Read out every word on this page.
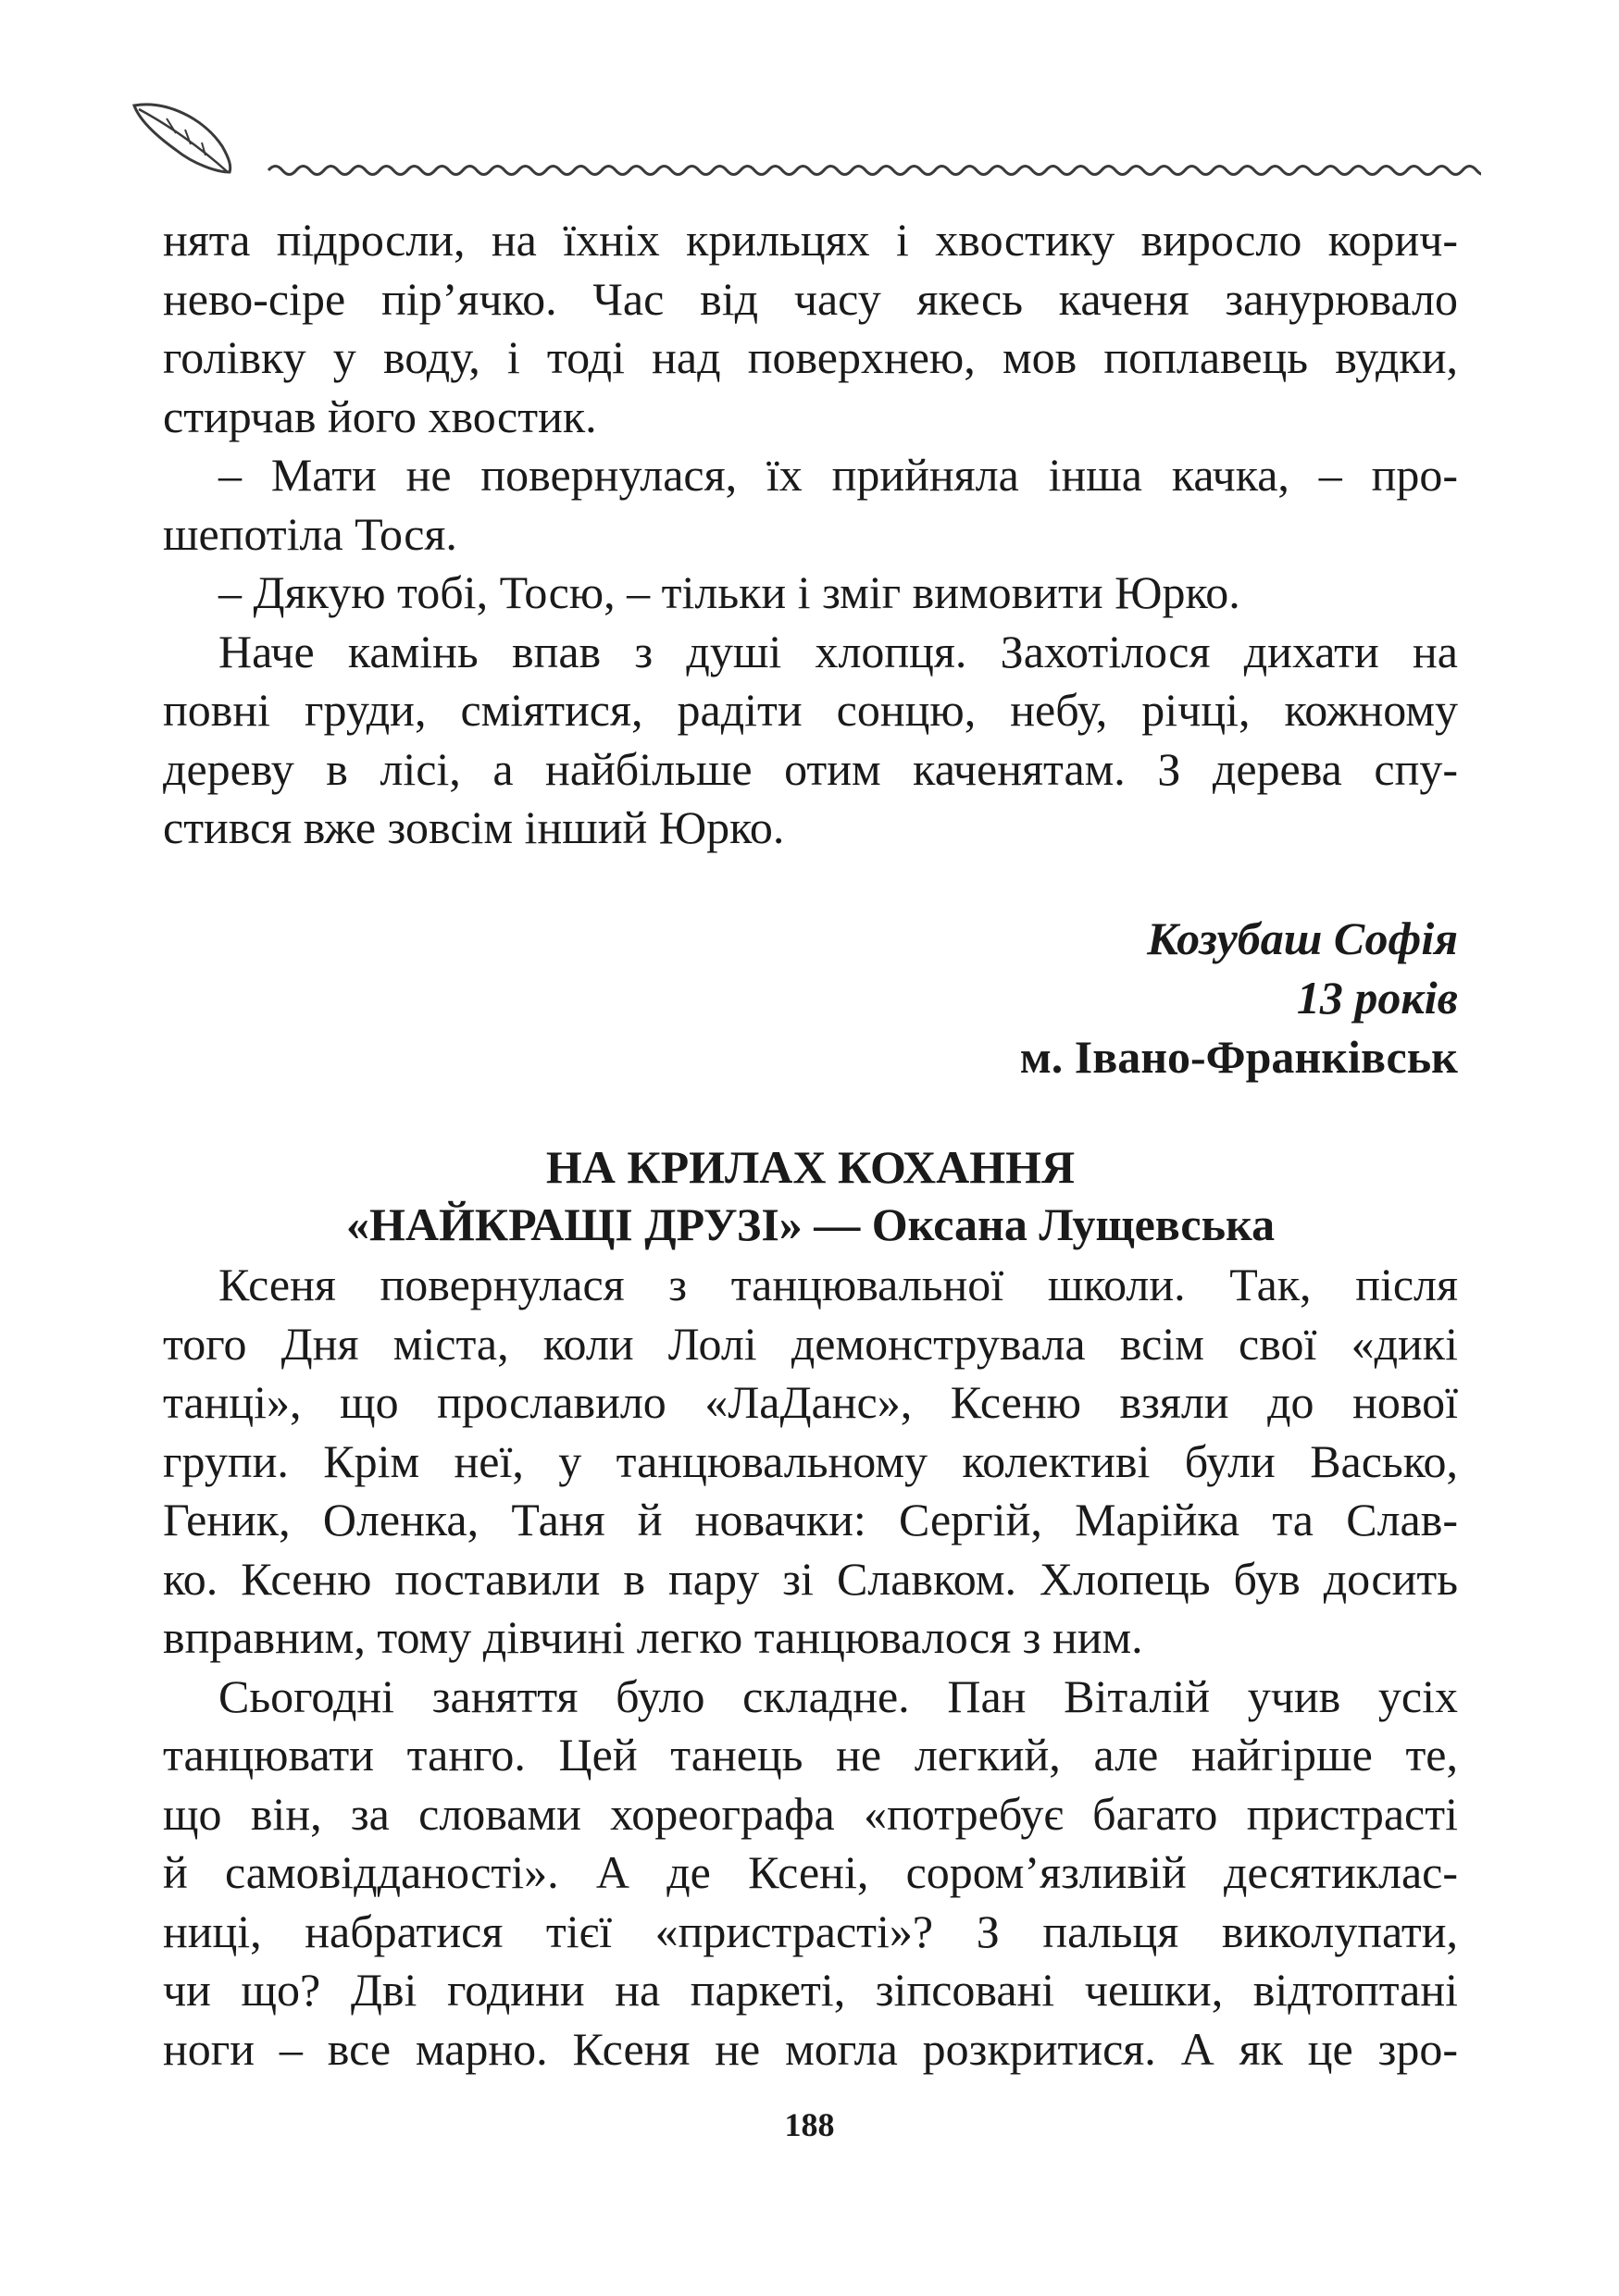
нята підросли, на їхніх крильцях і хвостику виросло корич-
нево-сіре пір’ячко. Час від часу якесь каченя занурювало
голівку у воду, і тоді над поверхнею, мов поплавець вудки,
стирчав його хвостик.
– Мати не повернулася, їх прийняла інша качка, – про-
шепотіла Тося.
– Дякую тобі, Тосю, – тільки і зміг вимовити Юрко.
Наче камінь впав з душі хлопця. Захотілося дихати на
повні груди, сміятися, радіти сонцю, небу, річці, кожному
дереву в лісі, а найбільше отим каченятам. З дерева спу-
стився вже зовсім інший Юрко.
Козубаш Софія
13 років
м. Івано-Франківськ
НА КРИЛАХ КОХАННЯ
«НАЙКРАЩІ ДРУЗІ» — Оксана Лущевська
Ксеня повернулася з танцювальної школи. Так, після
того Дня міста, коли Лолі демонструвала всім свої «дикі
танці», що прославило «ЛаДанс», Ксеню взяли до нової
групи. Крім неї, у танцювальному колективі були Васько,
Геник, Оленка, Таня й новачки: Сергій, Марійка та Слав-
ко. Ксеню поставили в пару зі Славком. Хлопець був досить
вправним, тому дівчині легко танцювалося з ним.
Сьогодні заняття було складне. Пан Віталій учив усіх
танцювати танго. Цей танець не легкий, але найгірше те,
що він, за словами хореографа «потребує багато пристрасті
й самовідданості». А де Ксені, сором’язливій десятиклас-
ниці, набратися тієї «пристрасті»? З пальця виколупати,
чи що? Дві години на паркеті, зіпсовані чешки, відтоптані
ноги – все марно. Ксеня не могла розкритися. А як це зро-
188
